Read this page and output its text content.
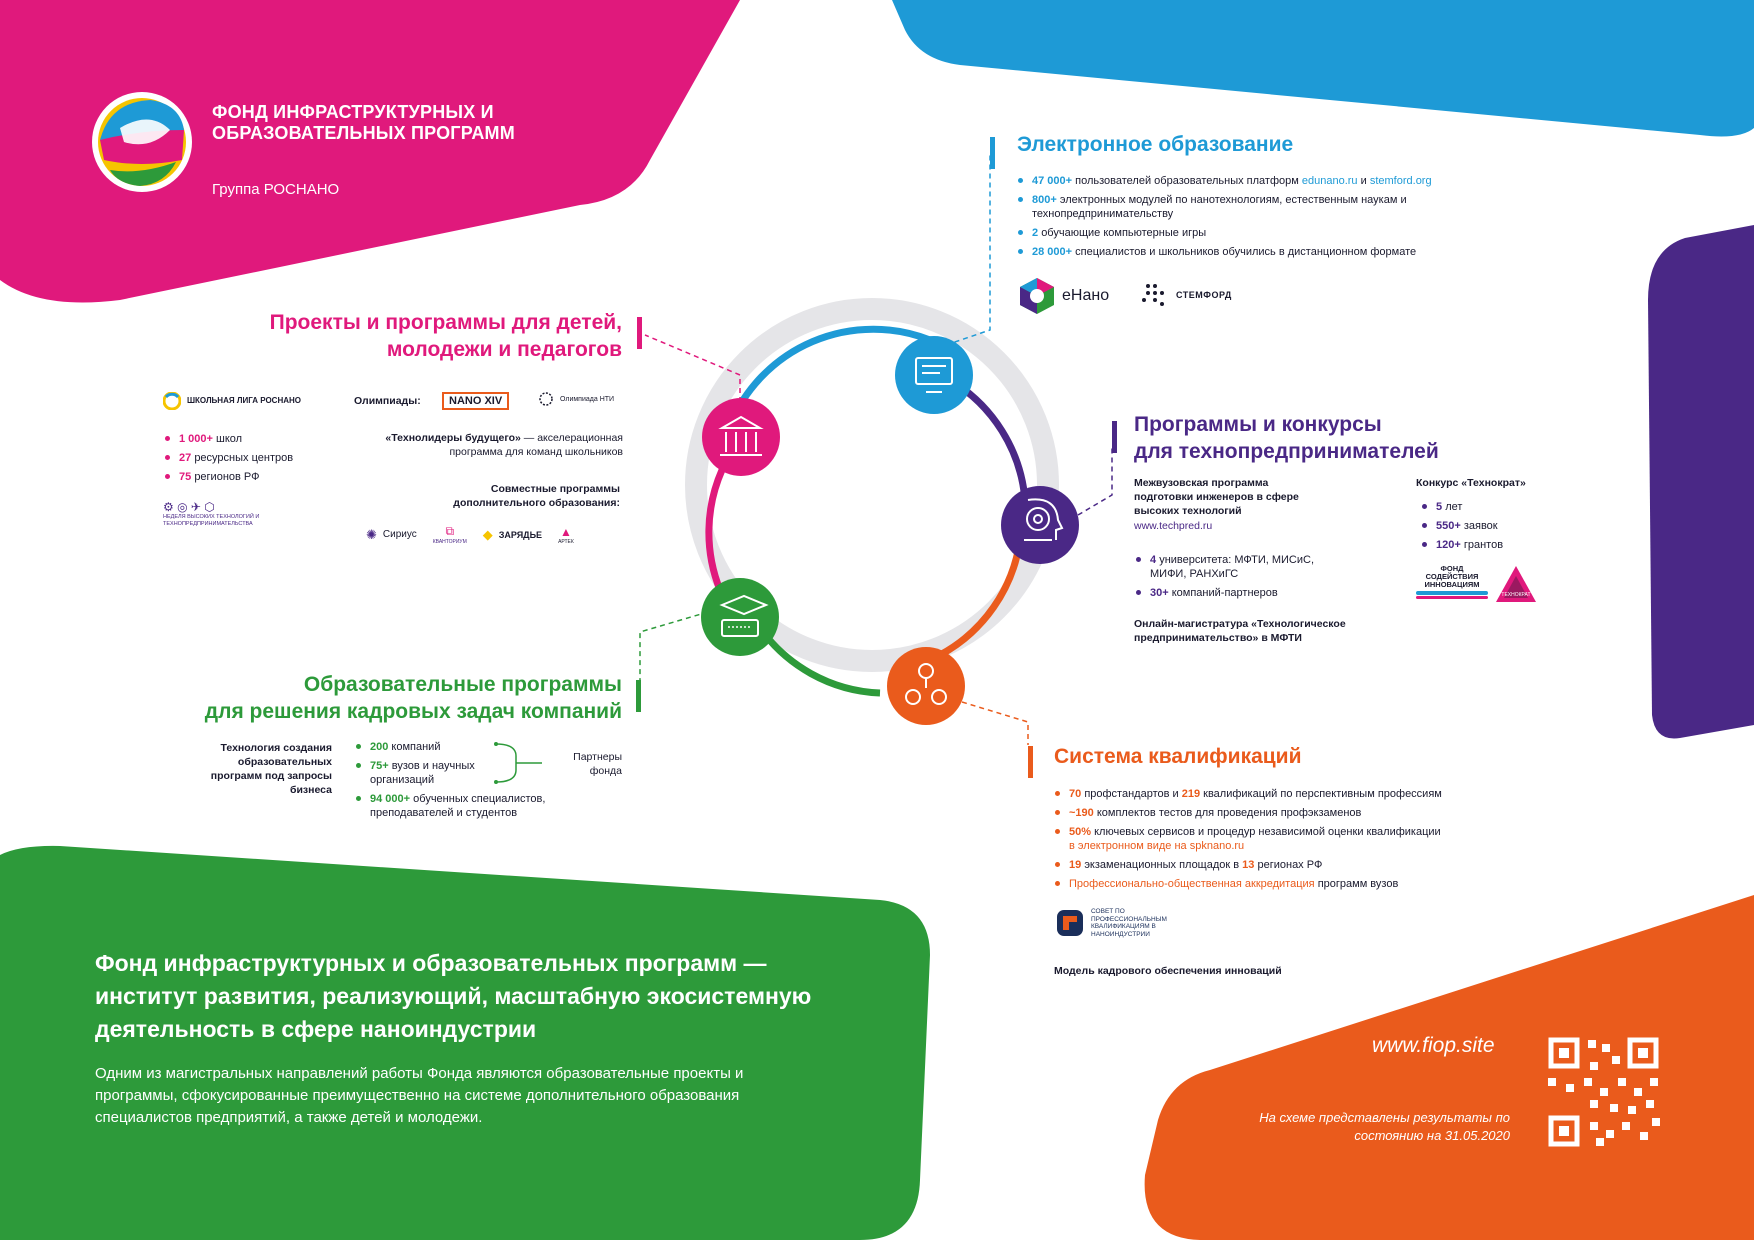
ФОНД ИНФРАСТРУКТУРНЫХ И ОБРАЗОВАТЕЛЬНЫХ ПРОГРАММ
Группа РОСНАНО
Электронное образование
47 000+ пользователей образовательных платформ edunano.ru и stemford.org
800+ электронных модулей по нанотехнологиям, естественным наукам и технопредпринимательству
2 обучающие компьютерные игры
28 000+ специалистов и школьников обучились в дистанционном формате
еНано	СТЕМФОРД
Проекты и программы для детей,
молодежи и педагогов
ШКОЛЬНАЯ ЛИГА РОСНАНО
1 000+ школ
27 ресурсных центров
75 регионов РФ
⚙ ◎ ✈ ⬡
НЕДЕЛЯ ВЫСОКИХ ТЕХНОЛОГИЙ И ТЕХНОПРЕДПРИНИМАТЕЛЬСТВА
Олимпиады:	NANO XIV	Олимпиада НТИ
«Технолидеры будущего» — акселерационная программа для команд школьников
Совместные программы дополнительного образования:
✺ Сириус	⧉
КВАНТОРИУМ
◆ ЗАРЯДЬЕ ▲
АРТЕК
Программы и конкурсы
для технопредпринимателей
Межвузовская программа подготовки инженеров в сфере высоких технологий
www.techpred.ru
4 университета: МФТИ, МИСиС, МИФИ, РАНХиГС
30+ компаний-партнеров
Онлайн-магистратура «Технологическое предпринимательство» в МФТИ
Конкурс «Технократ»
5 лет
550+ заявок
120+ грантов
ФОНД СОДЕЙСТВИЯ ИННОВАЦИЯМ
ТЕХНОКРАТ
Образовательные программы
для решения кадровых задач компаний
Технология создания образовательных программ под запросы бизнеса
200 компаний
75+ вузов и научных организаций
94 000+ обученных специалистов, преподавателей и студентов
Партнеры фонда
Система квалификаций
70 профстандартов и 219 квалификаций по перспективным профессиям
~190 комплектов тестов для проведения профэкзаменов
50% ключевых сервисов и процедур независимой оценки квалификации
в электронном виде на spknano.ru
19 экзаменационных площадок в 13 регионах РФ
Профессионально-общественная аккредитация программ вузов
СОВЕТ ПО ПРОФЕССИОНАЛЬНЫМ КВАЛИФИКАЦИЯМ В НАНОИНДУСТРИИ
Модель кадрового обеспечения инноваций
Фонд инфраструктурных и образовательных программ — институт развития, реализующий, масштабную экосистемную деятельность в сфере наноиндустрии
Одним из магистральных направлений работы Фонда являются образовательные проекты и программы, сфокусированные преимущественно на системе дополнительного образования специалистов предприятий, а также детей и молодежи.
www.fiop.site
На схеме представлены результаты по состоянию на 31.05.2020
